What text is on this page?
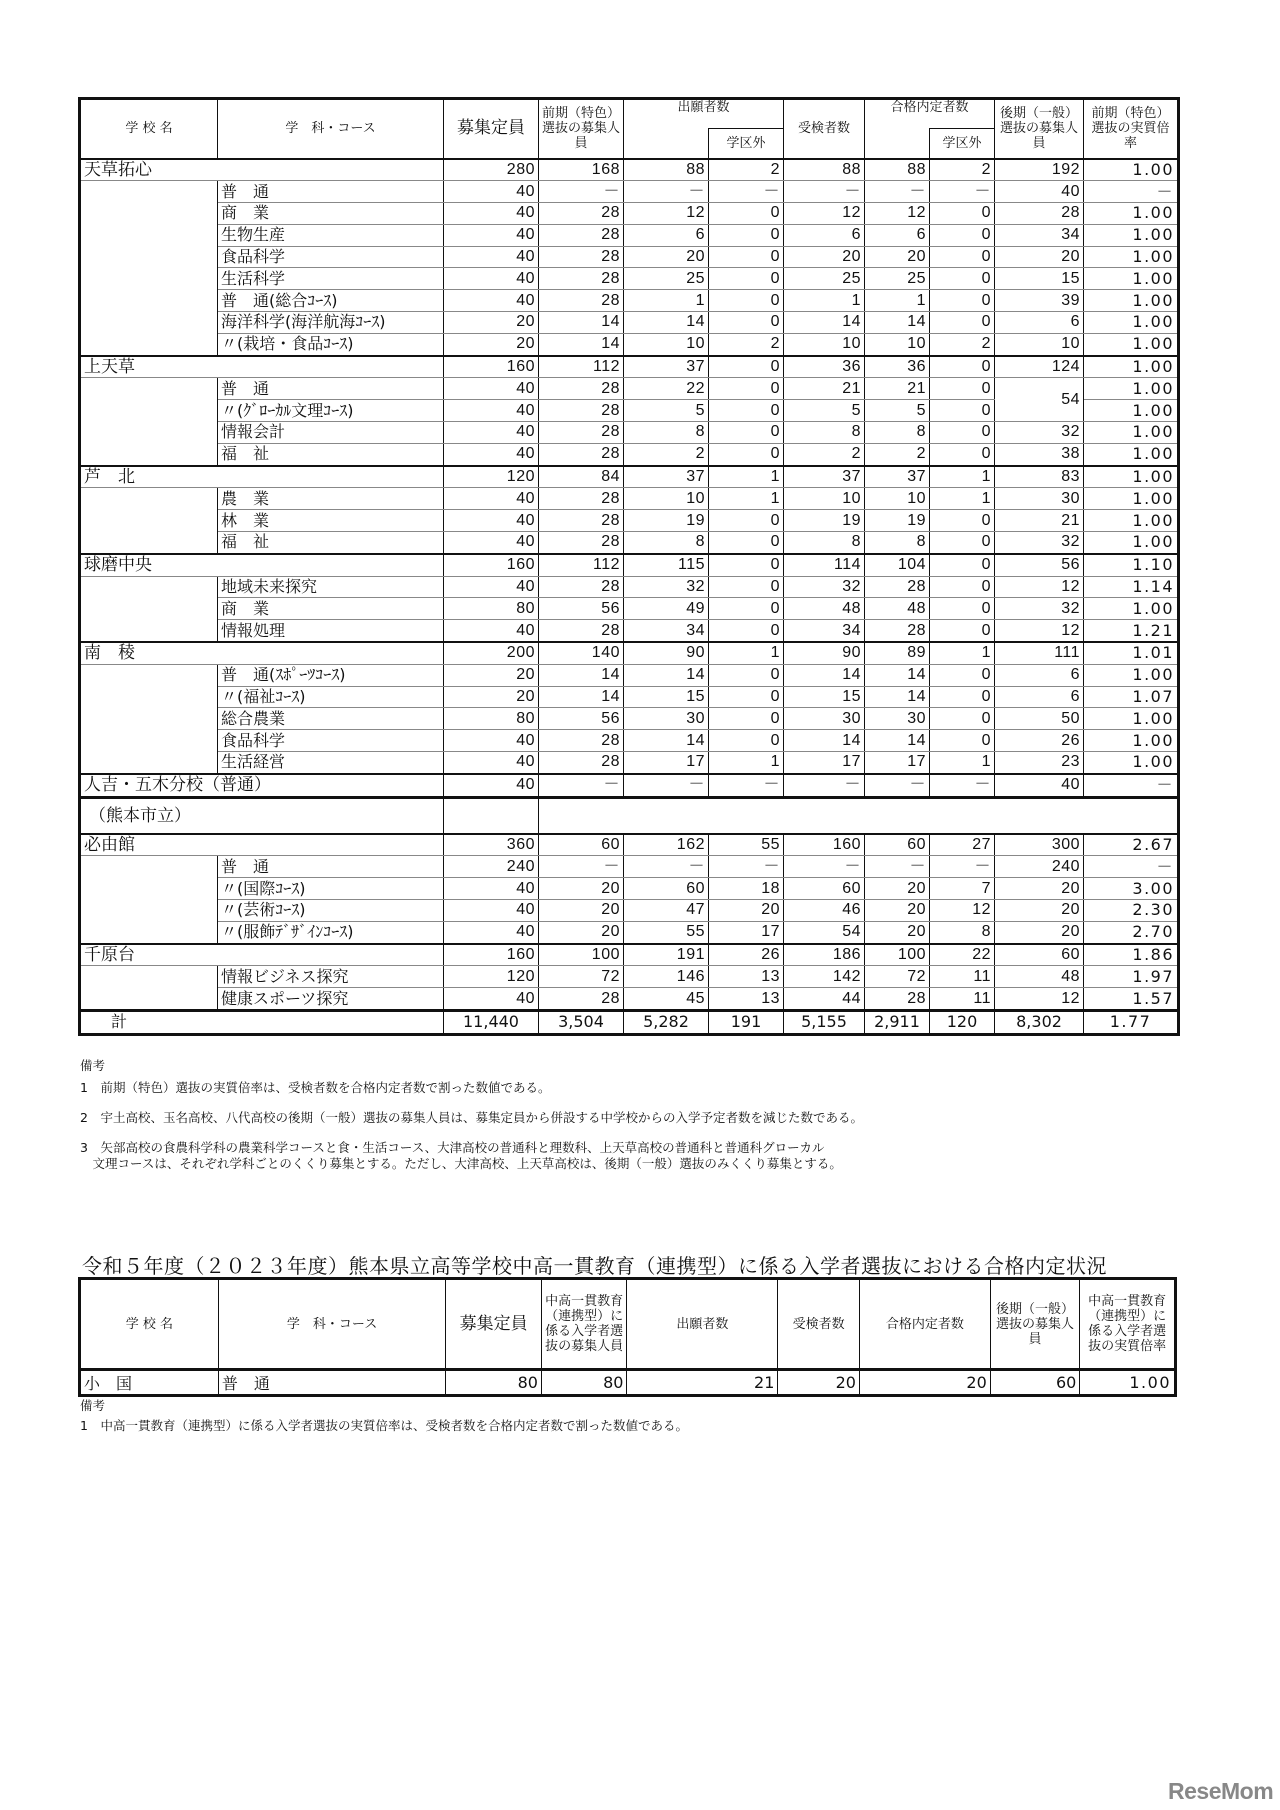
学 校 名	学　科・コース	募集定員	前期（特色）選抜の募集人員	出願者数		受検者数	合格内定者数		後期（一般）選抜の募集人員	前期（特色）選抜の実質倍率
					学区外			学区外		
天草拓心		280	168	88	2	88	88	2	192	1.00
	普　通	40	－	－	－	－	－	－	40	－
	商　業	40	28	12	0	12	12	0	28	1.00
	生物生産	40	28	6	0	6	6	0	34	1.00
	食品科学	40	28	20	0	20	20	0	20	1.00
	生活科学	40	28	25	0	25	25	0	15	1.00
	普　通(総合ｺｰｽ)	40	28	1	0	1	1	0	39	1.00
	海洋科学(海洋航海ｺｰｽ)	20	14	14	0	14	14	0	6	1.00
	〃(栽培・食品ｺｰｽ)	20	14	10	2	10	10	2	10	1.00
上天草		160	112	37	0	36	36	0	124	1.00
	普　通	40	28	22	0	21	21	0	54	1.00
	〃(ｸﾞﾛｰｶﾙ文理ｺｰｽ)	40	28	5	0	5	5	0		1.00
	情報会計	40	28	8	0	8	8	0	32	1.00
	福　祉	40	28	2	0	2	2	0	38	1.00
芦　北		120	84	37	1	37	37	1	83	1.00
	農　業	40	28	10	1	10	10	1	30	1.00
	林　業	40	28	19	0	19	19	0	21	1.00
	福　祉	40	28	8	0	8	8	0	32	1.00
球磨中央		160	112	115	0	114	104	0	56	1.10
	地域未来探究	40	28	32	0	32	28	0	12	1.14
	商　業	80	56	49	0	48	48	0	32	1.00
	情報処理	40	28	34	0	34	28	0	12	1.21
南　稜		200	140	90	1	90	89	1	111	1.01
	普　通(ｽﾎﾟｰﾂｺｰｽ)	20	14	14	0	14	14	0	6	1.00
	〃(福祉ｺｰｽ)	20	14	15	0	15	14	0	6	1.07
	総合農業	80	56	30	0	30	30	0	50	1.00
	食品科学	40	28	14	0	14	14	0	26	1.00
	生活経営	40	28	17	1	17	17	1	23	1.00
人吉・五木分校（普通）		40	－	－	－	－	－	－	40	－
（熊本市立）										
必由館		360	60	162	55	160	60	27	300	2.67
	普　通	240	－	－	－	－	－	－	240	－
	〃(国際ｺｰｽ)	40	20	60	18	60	20	7	20	3.00
	〃(芸術ｺｰｽ)	40	20	47	20	46	20	12	20	2.30
	〃(服飾ﾃﾞｻﾞｲﾝｺｰｽ)	40	20	55	17	54	20	8	20	2.70
千原台		160	100	191	26	186	100	22	60	1.86
	情報ビジネス探究	120	72	146	13	142	72	11	48	1.97
	健康スポーツ探究	40	28	45	13	44	28	11	12	1.57
計		11,440	3,504	5,282	191	5,155	2,911	120	8,302	1.77
備考
1　前期（特色）選抜の実質倍率は、受検者数を合格内定者数で割った数値である。
2　宇土高校、玉名高校、八代高校の後期（一般）選抜の募集人員は、募集定員から併設する中学校からの入学予定者数を減じた数である。
3　矢部高校の食農科学科の農業科学コースと食・生活コース、大津高校の普通科と理数科、上天草高校の普通科と普通科グローカル
　文理コースは、それぞれ学科ごとのくくり募集とする。ただし、大津高校、上天草高校は、後期（一般）選抜のみくくり募集とする。
令和５年度（２０２３年度）熊本県立高等学校中高一貫教育（連携型）に係る入学者選抜における合格内定状況
学 校 名	学　科・コース	募集定員	中高一貫教育（連携型）に係る入学者選抜の募集人員	出願者数	受検者数	合格内定者数	後期（一般）選抜の募集人員	中高一貫教育（連携型）に係る入学者選抜の実質倍率
小　国	普　通	80	80	21	20	20	60	1.00
備考
1　中高一貫教育（連携型）に係る入学者選抜の実質倍率は、受検者数を合格内定者数で割った数値である。
ReseMom
